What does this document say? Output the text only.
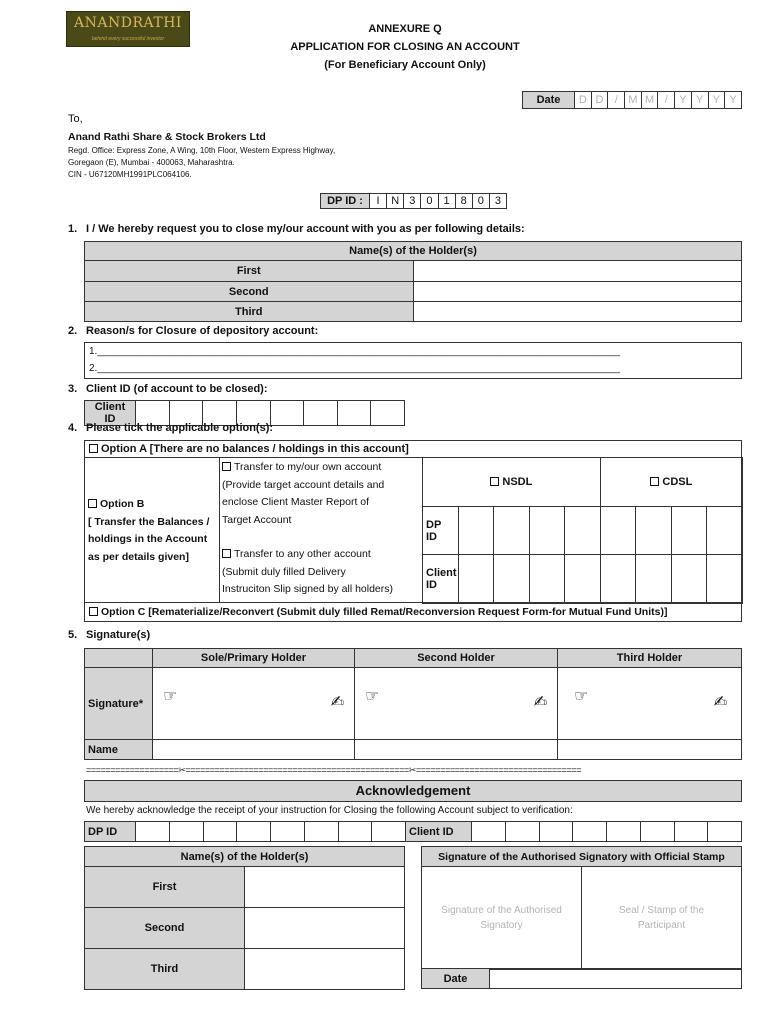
ANANDRATHI
behind every successful investor
ANNEXURE Q
APPLICATION FOR CLOSING AN ACCOUNT
(For Beneficiary Account Only)
Date	D	D	/	M	M	/	Y	Y	Y	Y
To,
Anand Rathi Share & Stock Brokers Ltd
Regd. Office: Express Zone, A Wing, 10th Floor, Western Express Highway,
Goregaon (E), Mumbai - 400063, Maharashtra.
CIN - U67120MH1991PLC064106.
DP ID :	I	N	3	0	1	8	0	3
1. I / We hereby request you to close my/our account with you as per following details:
Name(s) of the Holder(s)	
First	
Second	
Third	
2. Reason/s for Closure of depository account:
1.______________________________________________________________________________________________
2.______________________________________________________________________________________________
3. Client ID (of account to be closed):
Client ID								
4. Please tick the applicable option(s):
Option A [There are no balances / holdings in this account]
Option B
[ Transfer the Balances /
holdings in the Account
as per details given]
Transfer to my/our own account
(Provide target account details and
enclose Client Master Report of
Target Account
Transfer to any other account
(Submit duly filled Delivery
Instruciton Slip signed by all holders)
NSDL					CDSL			
DP ID								
Client ID								
Option C [Rematerialize/Reconvert (Submit duly filled Remat/Reconversion Request Form-for Mutual Fund Units)]
5. Signature(s)
	Sole/Primary Holder	Second Holder	Third Holder
Signature*	☞ ✍	☞ ✍	☞ ✍

Name			
===================✂==============================================✂==================================
Acknowledgement
We hereby acknowledge the receipt of your instruction for Closing the following Account subject to verification:
DP ID									Client ID								
Name(s) of the Holder(s)	
First	
Second	
Third	
Signature of the Authorised Signatory with Official Stamp

Signature of the Authorised
Signatory

Seal / Stamp of the
Participant
Date	
